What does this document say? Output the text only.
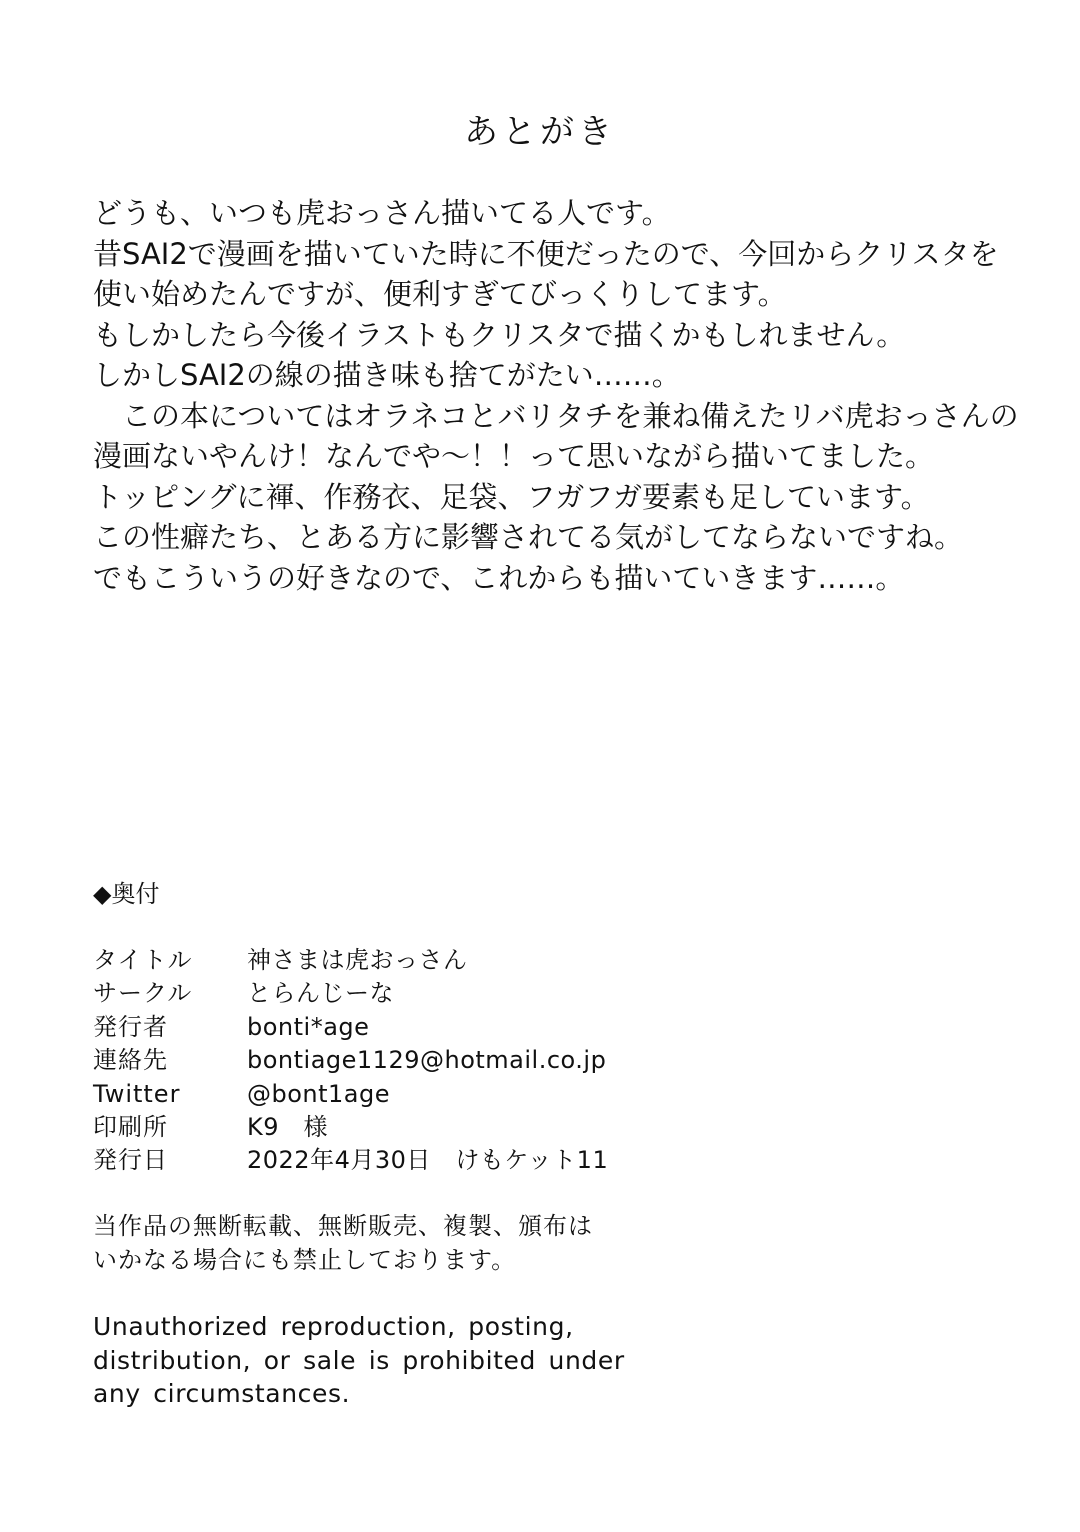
あとがき
どうも、いつも虎おっさん描いてる人です。
昔SAI2で漫画を描いていた時に不便だったので、今回からクリスタを
使い始めたんですが、便利すぎてびっくりしてます。
もしかしたら今後イラストもクリスタで描くかもしれません。
しかしSAI2の線の描き味も捨てがたい……。
　この本についてはオラネコとバリタチを兼ね備えたリバ虎おっさんの
漫画ないやんけ！なんでや～！！って思いながら描いてました。
トッピングに褌、作務衣、足袋、フガフガ要素も足しています。
この性癖たち、とある方に影響されてる気がしてならないですね。
でもこういうの好きなので、これからも描いていきます……。
◆奥付
タイトル	神さまは虎おっさん
サークル	とらんじーな
発行者	bonti*age
連絡先	bontiage1129@hotmail.co.jp
Twitter	@bont1age
印刷所	K9　様
発行日	2022年4月30日　けもケット11
当作品の無断転載、無断販売、複製、頒布は
いかなる場合にも禁止しております。
Unauthorized reproduction, posting,
distribution, or sale is prohibited under
any circumstances.
